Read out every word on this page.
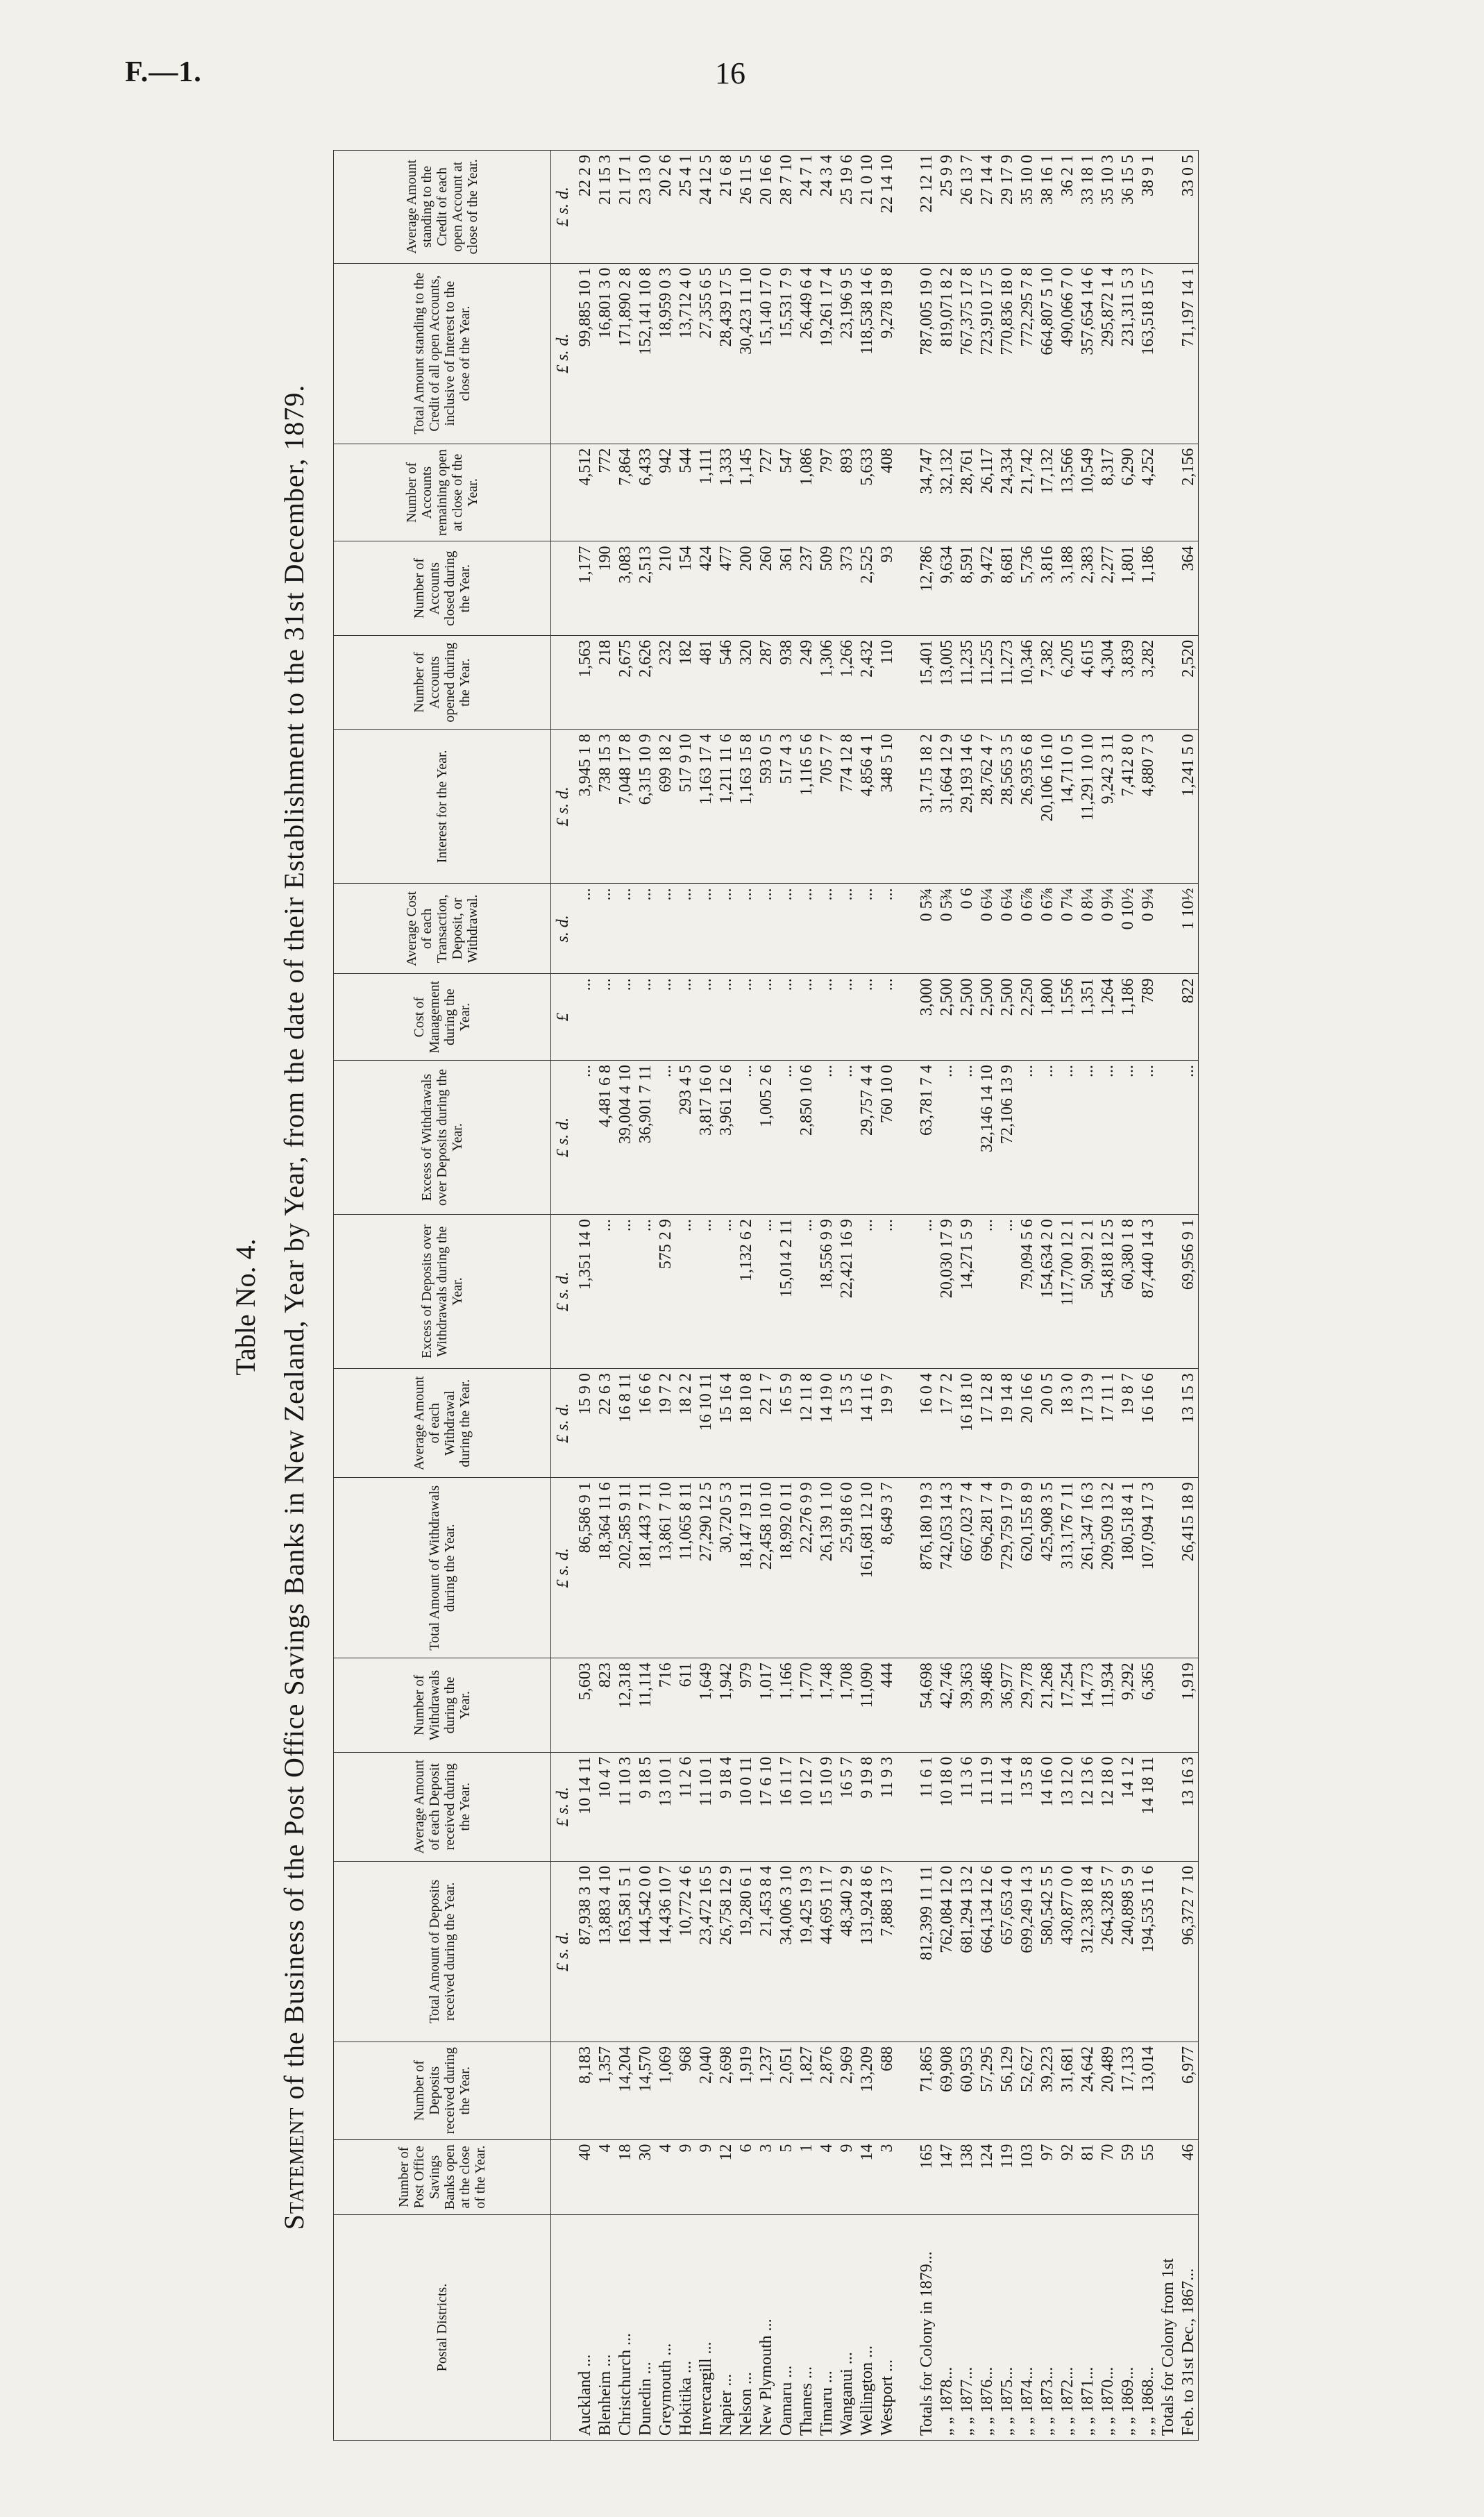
F.—1.	16
Table No. 4.
Statement of the Business of the Post Office Savings Banks in New Zealand, Year by Year, from the date of their Establishment to the 31st December, 1879.
Postal Districts.	Number of Post Office Savings Banks open at the close of the Year.	Number of Deposits received during the Year.	Total Amount of Deposits received during the Year.	Average Amount of each Deposit received during the Year.	Number of Withdrawals during the Year.	Total Amount of Withdrawals during the Year.	Average Amount of each Withdrawal during the Year.	Excess of Deposits over Withdrawals during the Year.	Excess of Withdrawals over Deposits during the Year.	Cost of Management during the Year.	Average Cost of each Transaction, Deposit, or Withdrawal.	Interest for the Year.	Number of Accounts opened during the Year.	Number of Accounts closed during the Year.	Number of Accounts remaining open at close of the Year.	Total Amount standing to the Credit of all open Accounts, inclusive of Interest to the close of the Year.	Average Amount standing to the Credit of each open Account at close of the Year.
			£ s. d.	£ s. d.		£ s. d.	£ s. d.	£ s. d.	£ s. d.	£	s. d.	£ s. d.				£ s. d.	£ s. d.
Auckland ...	40	8,183	87,938 3 10	10 14 11	5,603	86,586 9 1	15 9 0	1,351 14 0	...	...	...	3,945 1 8	1,563	1,177	4,512	99,885 10 1	22 2 9
Blenheim ...	4	1,357	13,883 4 10	10 4 7	823	18,364 11 6	22 6 3	...	4,481 6 8	...	...	738 15 3	218	190	772	16,801 3 0	21 15 3
Christchurch ...	18	14,204	163,581 5 1	11 10 3	12,318	202,585 9 11	16 8 11	...	39,004 4 10	...	...	7,048 17 8	2,675	3,083	7,864	171,890 2 8	21 17 1
Dunedin ...	30	14,570	144,542 0 0	9 18 5	11,114	181,443 7 11	16 6 6	...	36,901 7 11	...	...	6,315 10 9	2,626	2,513	6,433	152,141 10 8	23 13 0
Greymouth ...	4	1,069	14,436 10 7	13 10 1	716	13,861 7 10	19 7 2	575 2 9	...	...	...	699 18 2	232	210	942	18,959 0 3	20 2 6
Hokitika ...	9	968	10,772 4 6	11 2 6	611	11,065 8 11	18 2 2	...	293 4 5	...	...	517 9 10	182	154	544	13,712 4 0	25 4 1
Invercargill ...	9	2,040	23,472 16 5	11 10 1	1,649	27,290 12 5	16 10 11	...	3,817 16 0	...	...	1,163 17 4	481	424	1,111	27,355 6 5	24 12 5
Napier ...	12	2,698	26,758 12 9	9 18 4	1,942	30,720 5 3	15 16 4	...	3,961 12 6	...	...	1,211 11 6	546	477	1,333	28,439 17 5	21 6 8
Nelson ...	6	1,919	19,280 6 1	10 0 11	979	18,147 19 11	18 10 8	1,132 6 2	...	...	...	1,163 15 8	320	200	1,145	30,423 11 10	26 11 5
New Plymouth ...	3	1,237	21,453 8 4	17 6 10	1,017	22,458 10 10	22 1 7	...	1,005 2 6	...	...	593 0 5	287	260	727	15,140 17 0	20 16 6
Oamaru ...	5	2,051	34,006 3 10	16 11 7	1,166	18,992 0 11	16 5 9	15,014 2 11	...	...	...	517 4 3	938	361	547	15,531 7 9	28 7 10
Thames ...	1	1,827	19,425 19 3	10 12 7	1,770	22,276 9 9	12 11 8	...	2,850 10 6	...	...	1,116 5 6	249	237	1,086	26,449 6 4	24 7 1
Timaru ...	4	2,876	44,695 11 7	15 10 9	1,748	26,139 1 10	14 19 0	18,556 9 9	...	...	...	705 7 7	1,306	509	797	19,261 17 4	24 3 4
Wanganui ...	9	2,969	48,340 2 9	16 5 7	1,708	25,918 6 0	15 3 5	22,421 16 9	...	...	...	774 12 8	1,266	373	893	23,196 9 5	25 19 6
Wellington ...	14	13,209	131,924 8 6	9 19 8	11,090	161,681 12 10	14 11 6	...	29,757 4 4	...	...	4,856 4 1	2,432	2,525	5,633	118,538 14 6	21 0 10
Westport ...	3	688	7,888 13 7	11 9 3	444	8,649 3 7	19 9 7	...	760 10 0	...	...	348 5 10	110	93	408	9,278 19 8	22 14 10

Totals for Colony in 1879...	165	71,865	812,399 11 11	11 6 1	54,698	876,180 19 3	16 0 4	...	63,781 7 4	3,000	0 5¾	31,715 18 2	15,401	12,786	34,747	787,005 19 0	22 12 11
„ „ 1878...	147	69,908	762,084 12 0	10 18 0	42,746	742,053 14 3	17 7 2	20,030 17 9	...	2,500	0 5¾	31,664 12 9	13,005	9,634	32,132	819,071 8 2	25 9 9
„ „ 1877...	138	60,953	681,294 13 2	11 3 6	39,363	667,023 7 4	16 18 10	14,271 5 9	...	2,500	0 6	29,193 14 6	11,235	8,591	28,761	767,375 17 8	26 13 7
„ „ 1876...	124	57,295	664,134 12 6	11 11 9	39,486	696,281 7 4	17 12 8	...	32,146 14 10	2,500	0 6¼	28,762 4 7	11,255	9,472	26,117	723,910 17 5	27 14 4
„ „ 1875...	119	56,129	657,653 4 0	11 14 4	36,977	729,759 17 9	19 14 8	...	72,106 13 9	2,500	0 6¼	28,565 3 5	11,273	8,681	24,334	770,836 18 0	29 17 9
„ „ 1874...	103	52,627	699,249 14 3	13 5 8	29,778	620,155 8 9	20 16 6	79,094 5 6	...	2,250	0 6⅞	26,935 6 8	10,346	5,736	21,742	772,295 7 8	35 10 0
„ „ 1873...	97	39,223	580,542 5 5	14 16 0	21,268	425,908 3 5	20 0 5	154,634 2 0	...	1,800	0 6⅞	20,106 16 10	7,382	3,816	17,132	664,807 5 10	38 16 1
„ „ 1872...	92	31,681	430,877 0 0	13 12 0	17,254	313,176 7 11	18 3 0	117,700 12 1	...	1,556	0 7¼	14,711 0 5	6,205	3,188	13,566	490,066 7 0	36 2 1
„ „ 1871...	81	24,642	312,338 18 4	12 13 6	14,773	261,347 16 3	17 13 9	50,991 2 1	...	1,351	0 8¼	11,291 10 10	4,615	2,383	10,549	357,654 14 6	33 18 1
„ „ 1870...	70	20,489	264,328 5 7	12 18 0	11,934	209,509 13 2	17 11 1	54,818 12 5	...	1,264	0 9¼	9,242 3 11	4,304	2,277	8,317	295,872 1 4	35 10 3
„ „ 1869...	59	17,133	240,898 5 9	14 1 2	9,292	180,518 4 1	19 8 7	60,380 1 8	...	1,186	0 10½	7,412 8 0	3,839	1,801	6,290	231,311 5 3	36 15 5
„ „ 1868...	55	13,014	194,535 11 6	14 18 11	6,365	107,094 17 3	16 16 6	87,440 14 3	...	789	0 9¼	4,880 7 3	3,282	1,186	4,252	163,518 15 7	38 9 1
Totals for Colony from 1st																	
Feb. to 31st Dec., 1867...	46	6,977	96,372 7 10	13 16 3	1,919	26,415 18 9	13 15 3	69,956 9 1	...	822	1 10½	1,241 5 0	2,520	364	2,156	71,197 14 1	33 0 5
